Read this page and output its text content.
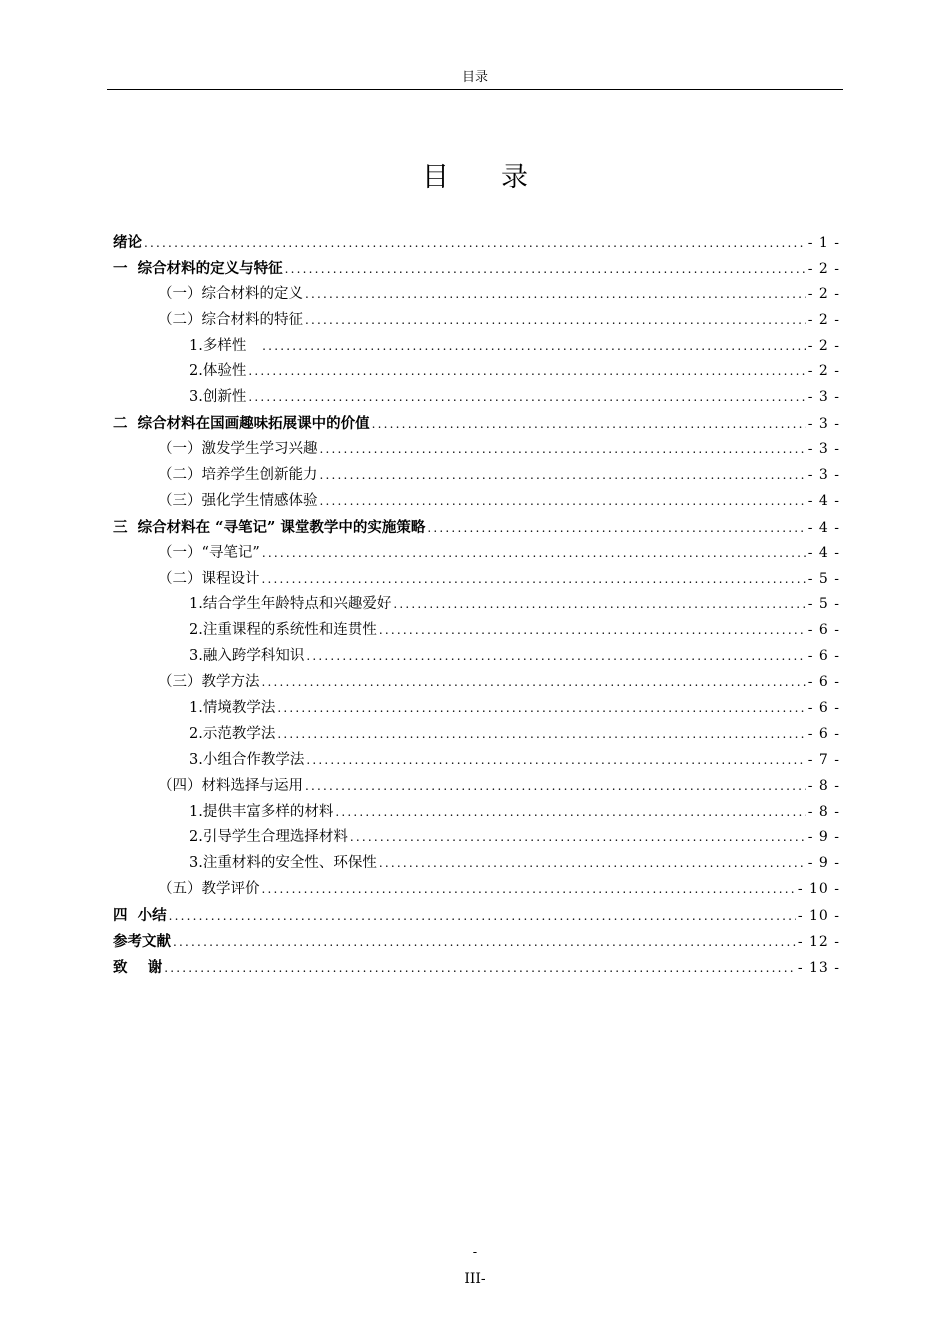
目录
目 录
绪论 .....	- 1 -
一  综合材料的定义与特征 .....	- 2 -
（一）综合材料的定义 .....	- 2 -
（二）综合材料的特征 .....	- 2 -
1.多样性 .....	- 2 -
2.体验性 .....	- 2 -
3.创新性 .....	- 3 -
二  综合材料在国画趣味拓展课中的价值 .....	- 3 -
（一）激发学生学习兴趣 .....	- 3 -
（二）培养学生创新能力 .....	- 3 -
（三）强化学生情感体验 .....	- 4 -
三  综合材料在 “寻笔记” 课堂教学中的实施策略 .....	- 4 -
（一）“寻笔记” .....	- 4 -
（二）课程设计 .....	- 5 -
1.结合学生年龄特点和兴趣爱好 .....	- 5 -
2.注重课程的系统性和连贯性 .....	- 6 -
3.融入跨学科知识 .....	- 6 -
（三）教学方法 .....	- 6 -
1.情境教学法 .....	- 6 -
2.示范教学法 .....	- 6 -
3.小组合作教学法 .....	- 7 -
（四）材料选择与运用 .....	- 8 -
1.提供丰富多样的材料 .....	- 8 -
2.引导学生合理选择材料 .....	- 9 -
3.注重材料的安全性、环保性 .....	- 9 -
（五）教学评价 .....	- 10 -
四  小结 .....	- 10 -
参考文献 .....	- 12 -
致    谢 .....	- 13 -
-
III-
